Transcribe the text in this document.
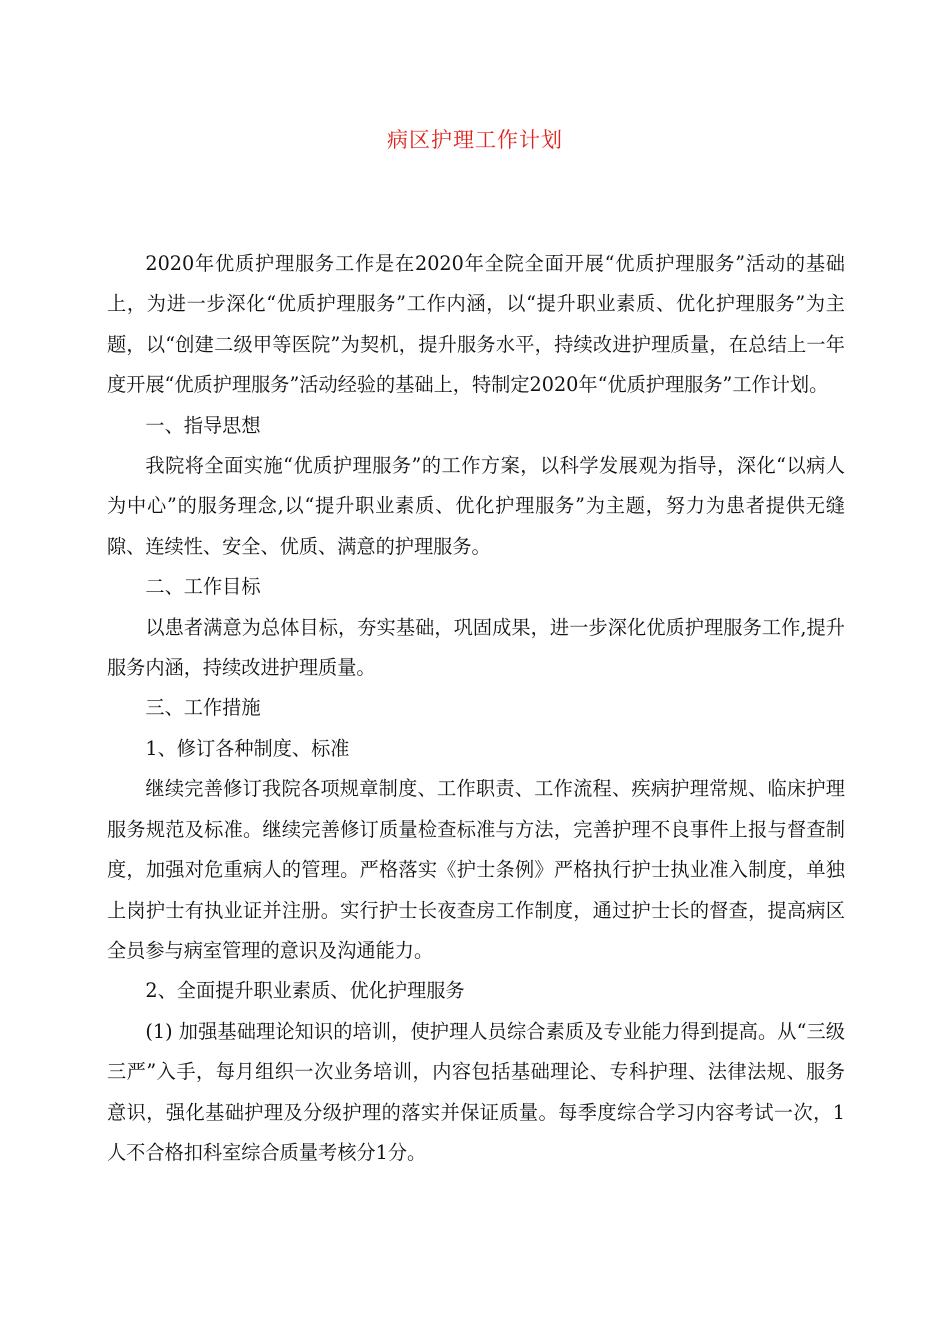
病区护理工作计划

2020年优质护理服务工作是在2020年全院全面开展“优质护理服务”活动的基础上，为进一步深化“优质护理服务”工作内涵，以“提升职业素质、优化护理服务”为主题，以“创建二级甲等医院”为契机，提升服务水平，持续改进护理质量，在总结上一年度开展“优质护理服务”活动经验的基础上，特制定2020年“优质护理服务”工作计划。

一、指导思想

我院将全面实施“优质护理服务”的工作方案，以科学发展观为指导，深化“以病人为中心”的服务理念,以“提升职业素质、优化护理服务”为主题，努力为患者提供无缝隙、连续性、安全、优质、满意的护理服务。

二、工作目标

以患者满意为总体目标，夯实基础，巩固成果，进一步深化优质护理服务工作,提升服务内涵，持续改进护理质量。

三、工作措施

1、修订各种制度、标准

继续完善修订我院各项规章制度、工作职责、工作流程、疾病护理常规、临床护理服务规范及标准。继续完善修订质量检查标准与方法，完善护理不良事件上报与督查制度，加强对危重病人的管理。严格落实《护士条例》严格执行护士执业准入制度，单独上岗护士有执业证并注册。实行护士长夜查房工作制度，通过护士长的督查，提高病区全员参与病室管理的意识及沟通能力。

2、全面提升职业素质、优化护理服务

(1) 加强基础理论知识的培训，使护理人员综合素质及专业能力得到提高。从“三级三严”入手，每月组织一次业务培训，内容包括基础理论、专科护理、法律法规、服务意识，强化基础护理及分级护理的落实并保证质量。每季度综合学习内容考试一次，1人不合格扣科室综合质量考核分1分。
